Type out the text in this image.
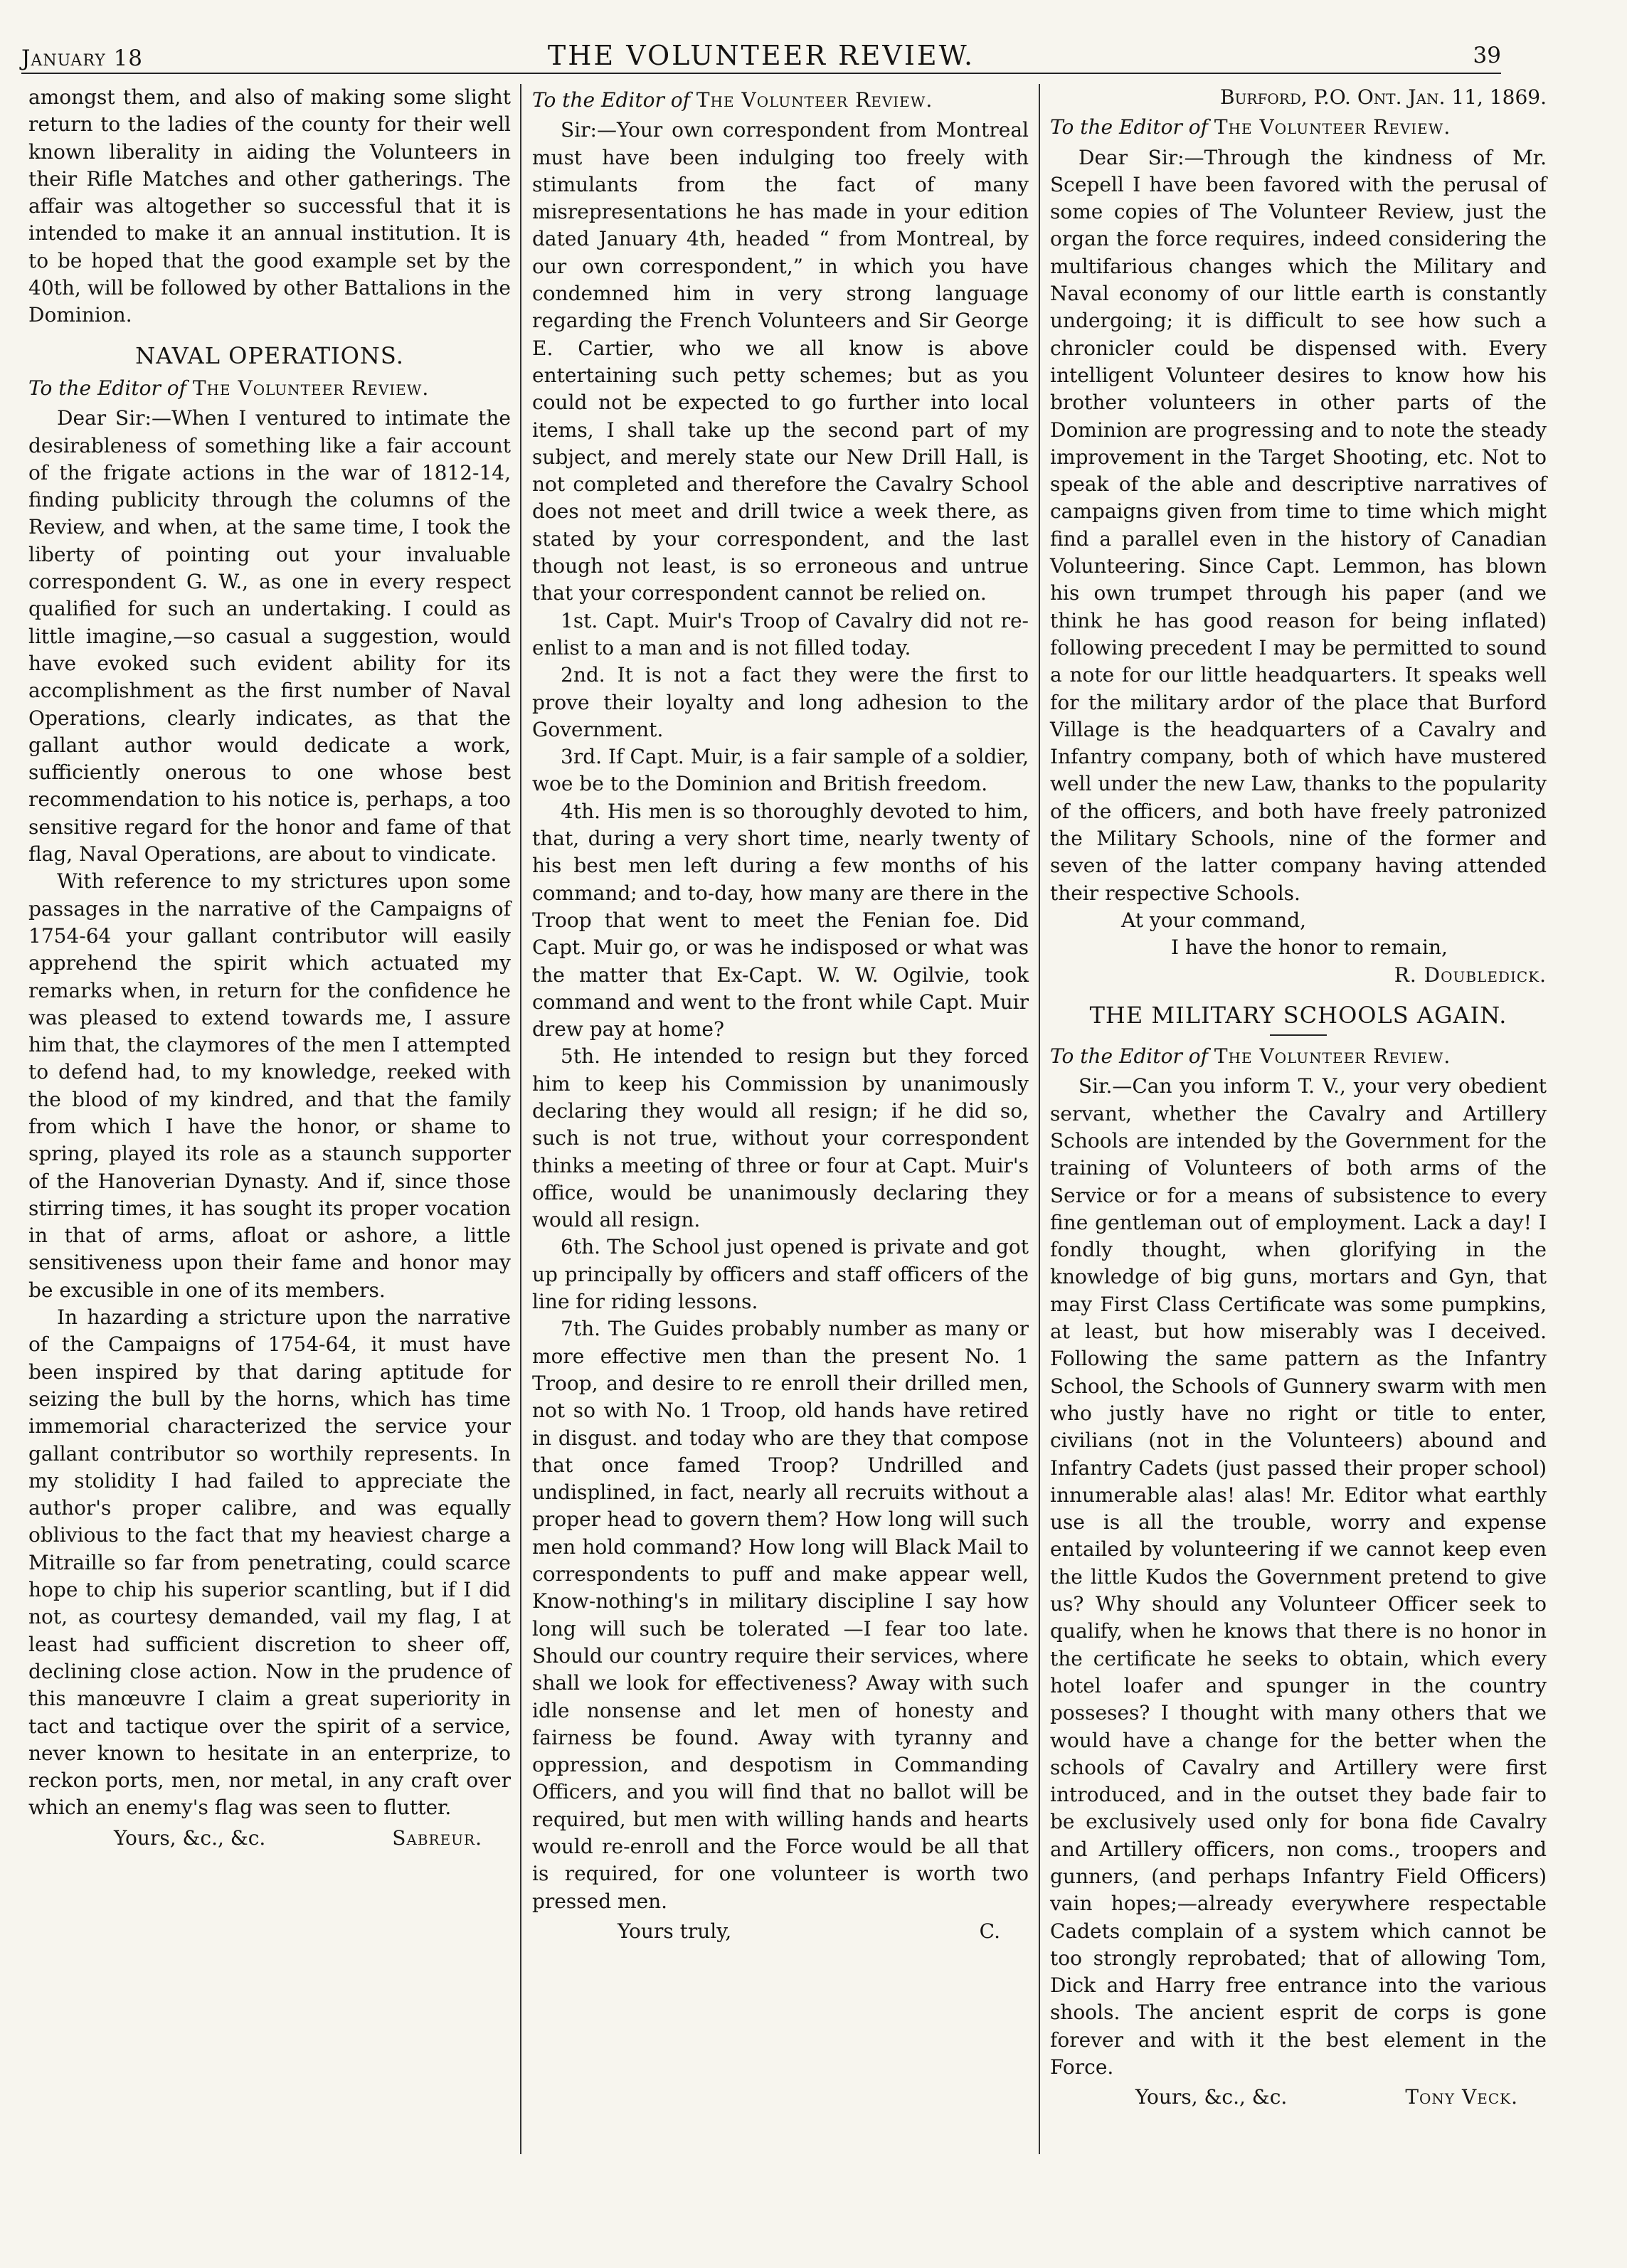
January 18	THE VOLUNTEER REVIEW.	39

amongst them, and also of making some slight return to the ladies of the county for their well known liberality in aiding the Volunteers in their Rifle Matches and other gatherings. The affair was altogether so successful that it is intended to make it an annual institution. It is to be hoped that the good example set by the 40th, will be followed by other Battalions in the Dominion.

NAVAL OPERATIONS.

To the Editor of The Volunteer Review.

Dear Sir:—When I ventured to intimate the desirableness of something like a fair account of the frigate actions in the war of 1812-14, finding publicity through the columns of the Review, and when, at the same time, I took the liberty of pointing out your invaluable correspondent G. W., as one in every respect qualified for such an undertaking. I could as little imagine,—so casual a suggestion, would have evoked such evident ability for its accomplishment as the first number of Naval Operations, clearly indicates, as that the gallant author would dedicate a work, sufficiently onerous to one whose best recommendation to his notice is, perhaps, a too sensitive regard for the honor and fame of that flag, Naval Operations, are about to vindicate.

With reference to my strictures upon some passages in the narrative of the Campaigns of 1754-64 your gallant contributor will easily apprehend the spirit which actuated my remarks when, in return for the confidence he was pleased to extend towards me, I assure him that, the claymores of the men I attempted to defend had, to my knowledge, reeked with the blood of my kindred, and that the family from which I have the honor, or shame to spring, played its role as a staunch supporter of the Hanoverian Dynasty. And if, since those stirring times, it has sought its proper vocation in that of arms, afloat or ashore, a little sensitiveness upon their fame and honor may be excusible in one of its members.

In hazarding a stricture upon the narrative of the Campaigns of 1754-64, it must have been inspired by that daring aptitude for seizing the bull by the horns, which has time immemorial characterized the service your gallant contributor so worthily represents. In my stolidity I had failed to appreciate the author's proper calibre, and was equally oblivious to the fact that my heaviest charge a Mitraille so far from penetrating, could scarce hope to chip his superior scantling, but if I did not, as courtesy demanded, vail my flag, I at least had sufficient discretion to sheer off, declining close action. Now in the prudence of this manœuvre I claim a great superiority in tact and tactique over the spirit of a service, never known to hesitate in an enterprize, to reckon ports, men, nor metal, in any craft over which an enemy's flag was seen to flutter.

Yours, &c., &c.	Sabreur.

To the Editor of The Volunteer Review.

Sir:—Your own correspondent from Montreal must have been indulging too freely with stimulants from the fact of many misrepresentations he has made in your edition dated January 4th, headed “ from Montreal, by our own correspondent,” in which you have condemned him in very strong language regarding the French Volunteers and Sir George E. Cartier, who we all know is above entertaining such petty schemes; but as you could not be expected to go further into local items, I shall take up the second part of my subject, and merely state our New Drill Hall, is not completed and therefore the Cavalry School does not meet and drill twice a week there, as stated by your correspondent, and the last though not least, is so erroneous and untrue that your correspondent cannot be relied on.

1st. Capt. Muir's Troop of Cavalry did not re-enlist to a man and is not filled today.

2nd. It is not a fact they were the first to prove their loyalty and long adhesion to the Government.

3rd. If Capt. Muir, is a fair sample of a soldier, woe be to the Dominion and British freedom.

4th. His men is so thoroughly devoted to him, that, during a very short time, nearly twenty of his best men left during a few months of his command; and to-day, how many are there in the Troop that went to meet the Fenian foe. Did Capt. Muir go, or was he indisposed or what was the matter that Ex-Capt. W. W. Ogilvie, took command and went to the front while Capt. Muir drew pay at home?

5th. He intended to resign but they forced him to keep his Commission by unanimously declaring they would all resign; if he did so, such is not true, without your correspondent thinks a meeting of three or four at Capt. Muir's office, would be unanimously declaring they would all resign.

6th. The School just opened is private and got up principally by officers and staff officers of the line for riding lessons.

7th. The Guides probably number as many or more effective men than the present No. 1 Troop, and desire to re enroll their drilled men, not so with No. 1 Troop, old hands have retired in disgust. and today who are they that compose that once famed Troop? Undrilled and undisplined, in fact, nearly all recruits without a proper head to govern them? How long will such men hold command? How long will Black Mail to correspondents to puff and make appear well, Know-nothing's in military discipline I say how long will such be tolerated —I fear too late. Should our country require their services, where shall we look for effectiveness? Away with such idle nonsense and let men of honesty and fairness be found. Away with tyranny and oppression, and despotism in Commanding Officers, and you will find that no ballot will be required, but men with willing hands and hearts would re-enroll and the Force would be all that is required, for one volunteer is worth two pressed men.

Yours truly,	C.

Burford, P.O. Ont. Jan. 11, 1869.

To the Editor of The Volunteer Review.

Dear Sir:—Through the kindness of Mr. Scepell I have been favored with the perusal of some copies of The Volunteer Review, just the organ the force requires, indeed considering the multifarious changes which the Military and Naval economy of our little earth is constantly undergoing; it is difficult to see how such a chronicler could be dispensed with. Every intelligent Volunteer desires to know how his brother volunteers in other parts of the Dominion are progressing and to note the steady improvement in the Target Shooting, etc. Not to speak of the able and descriptive narratives of campaigns given from time to time which might find a parallel even in the history of Canadian Volunteering. Since Capt. Lemmon, has blown his own trumpet through his paper (and we think he has good reason for being inflated) following precedent I may be permitted to sound a note for our little headquarters. It speaks well for the military ardor of the place that Burford Village is the headquarters of a Cavalry and Infantry company, both of which have mustered well under the new Law, thanks to the popularity of the officers, and both have freely patronized the Military Schools, nine of the former and seven of the latter company having attended their respective Schools.

At your command,

I have the honor to remain,

R. Doubledick.

THE MILITARY SCHOOLS AGAIN.

To the Editor of The Volunteer Review.

Sir.—Can you inform T. V., your very obedient servant, whether the Cavalry and Artillery Schools are intended by the Government for the training of Volunteers of both arms of the Service or for a means of subsistence to every fine gentleman out of employment. Lack a day! I fondly thought, when glorifying in the knowledge of big guns, mortars and Gyn, that may First Class Certificate was some pumpkins, at least, but how miserably was I deceived. Following the same pattern as the Infantry School, the Schools of Gunnery swarm with men who justly have no right or title to enter, civilians (not in the Volunteers) abound and Infantry Cadets (just passed their proper school) innumerable alas! alas! Mr. Editor what earthly use is all the trouble, worry and expense entailed by volunteering if we cannot keep even the little Kudos the Government pretend to give us? Why should any Volunteer Officer seek to qualify, when he knows that there is no honor in the certificate he seeks to obtain, which every hotel loafer and spunger in the country posseses? I thought with many others that we would have a change for the better when the schools of Cavalry and Artillery were first introduced, and in the outset they bade fair to be exclusively used only for bona fide Cavalry and Artillery officers, non coms., troopers and gunners, (and perhaps Infantry Field Officers) vain hopes;—already everywhere respectable Cadets complain of a system which cannot be too strongly reprobated; that of allowing Tom, Dick and Harry free entrance into the various shools. The ancient esprit de corps is gone forever and with it the best element in the Force.

Yours, &c., &c.	Tony Veck.
